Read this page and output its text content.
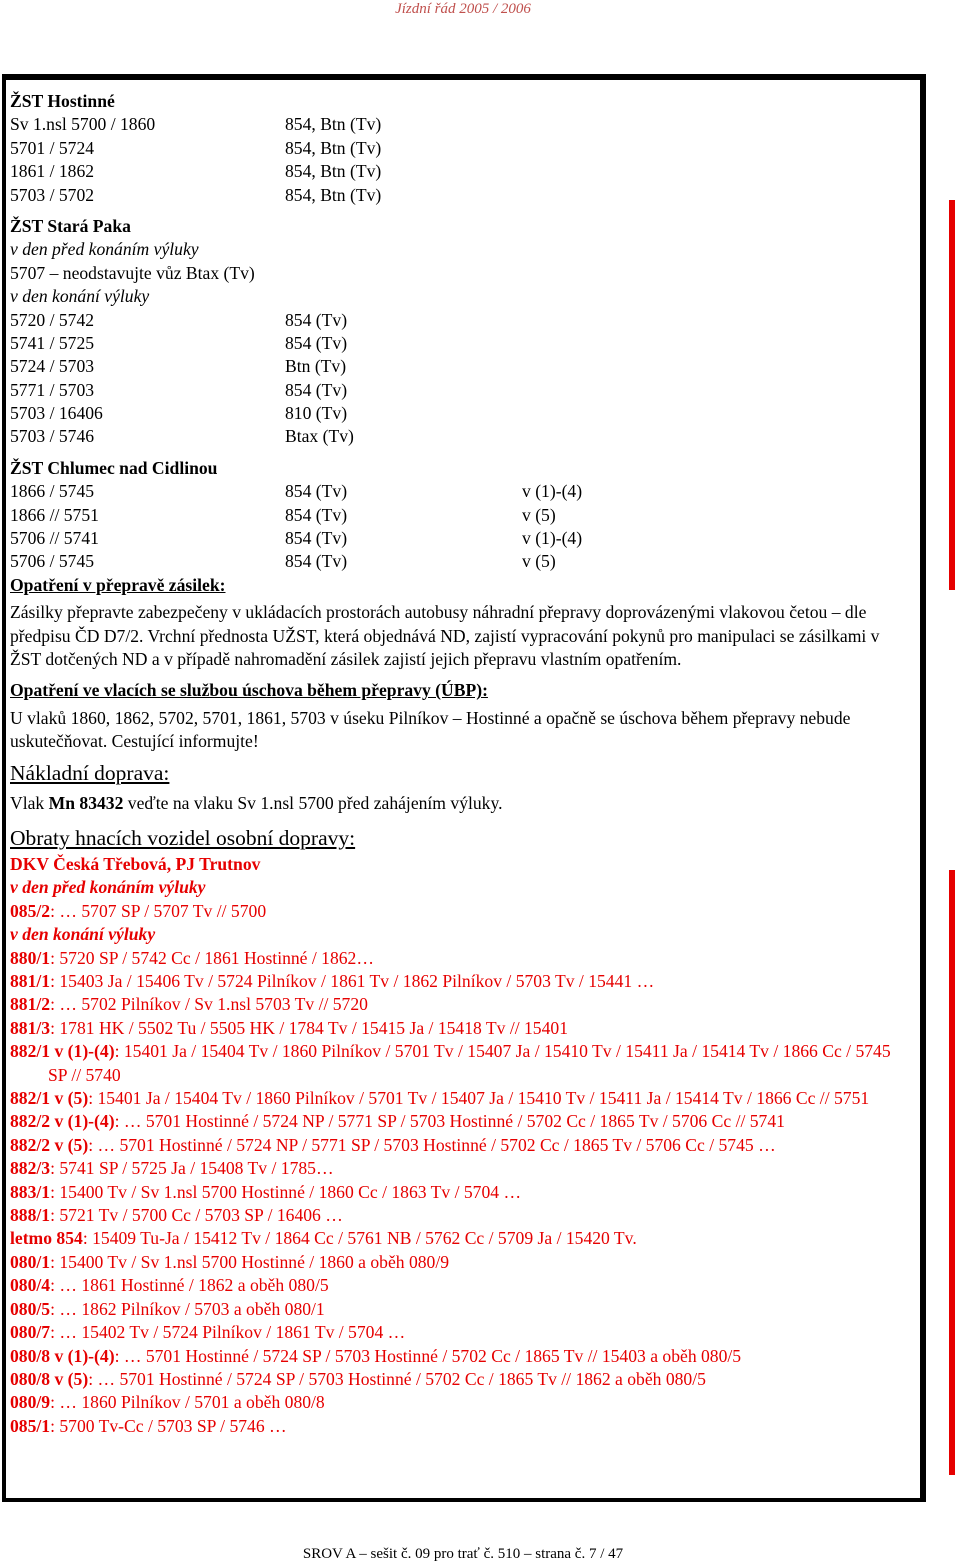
Jízdní řád 2005 / 2006
ŽST Hostinné
Sv 1.nsl 5700 / 1860	854, Btn (Tv)
5701 / 5724	854, Btn (Tv)
1861 / 1862	854, Btn (Tv)
5703 / 5702	854, Btn (Tv)
ŽST Stará Paka
v den před konáním výluky
5707 – neodstavujte vůz Btax (Tv)
v den konání výluky
5720 / 5742	854 (Tv)
5741 / 5725	854 (Tv)
5724 / 5703	Btn (Tv)
5771 / 5703	854 (Tv)
5703 / 16406	810 (Tv)
5703 / 5746	Btax (Tv)
ŽST Chlumec nad Cidlinou
1866 / 5745	854 (Tv)	v (1)-(4)
1866 // 5751	854 (Tv)	v (5)
5706 // 5741	854 (Tv)	v (1)-(4)
5706 / 5745	854 (Tv)	v (5)
Opatření v přepravě zásilek:
Zásilky přepravte zabezpečeny v ukládacích prostorách autobusy náhradní přepravy doprovázenými vlakovou četou – dle předpisu ČD D7/2. Vrchní přednosta UŽST, která objednává ND, zajistí vypracování pokynů pro manipulaci se zásilkami v ŽST dotčených ND a v případě nahromadění zásilek zajistí jejich přepravu vlastním opatřením.
Opatření ve vlacích se službou úschova během přepravy (ÚBP):
U vlaků 1860, 1862, 5702, 5701, 1861, 5703 v úseku Pilníkov – Hostinné a opačně se úschova během přepravy nebude uskutečňovat. Cestující informujte!
Nákladní doprava:
Vlak Mn 83432 veďte na vlaku Sv 1.nsl 5700 před zahájením výluky.
Obraty hnacích vozidel osobní dopravy:
DKV Česká Třebová, PJ Trutnov
v den před konáním výluky
085/2: … 5707 SP / 5707 Tv // 5700
v den konání výluky
880/1: 5720 SP / 5742 Cc / 1861 Hostinné / 1862…
881/1: 15403 Ja / 15406 Tv / 5724 Pilníkov / 1861 Tv / 1862 Pilníkov / 5703 Tv / 15441 …
881/2: … 5702 Pilníkov / Sv 1.nsl 5703 Tv // 5720
881/3: 1781 HK / 5502 Tu / 5505 HK / 1784 Tv / 15415 Ja / 15418 Tv // 15401
882/1 v (1)-(4): 15401 Ja / 15404 Tv / 1860 Pilníkov / 5701 Tv / 15407 Ja / 15410 Tv / 15411 Ja / 15414 Tv / 1866 Cc / 5745 SP // 5740
882/1 v (5): 15401 Ja / 15404 Tv / 1860 Pilníkov / 5701 Tv / 15407 Ja / 15410 Tv / 15411 Ja / 15414 Tv / 1866 Cc // 5751
882/2 v (1)-(4): … 5701 Hostinné / 5724 NP / 5771 SP / 5703 Hostinné / 5702 Cc / 1865 Tv / 5706 Cc // 5741
882/2 v (5): … 5701 Hostinné / 5724 NP / 5771 SP / 5703 Hostinné / 5702 Cc / 1865 Tv / 5706 Cc / 5745 …
882/3: 5741 SP / 5725 Ja / 15408 Tv / 1785…
883/1: 15400 Tv / Sv 1.nsl 5700 Hostinné / 1860 Cc / 1863 Tv / 5704 …
888/1: 5721 Tv / 5700 Cc / 5703 SP / 16406 …
letmo 854: 15409 Tu-Ja / 15412 Tv / 1864 Cc / 5761 NB / 5762 Cc / 5709 Ja / 15420 Tv.
080/1: 15400 Tv / Sv 1.nsl 5700 Hostinné / 1860 a oběh 080/9
080/4: … 1861 Hostinné / 1862 a oběh 080/5
080/5: … 1862 Pilníkov / 5703 a oběh 080/1
080/7: … 15402 Tv / 5724 Pilníkov / 1861 Tv / 5704 …
080/8 v (1)-(4): … 5701 Hostinné / 5724 SP / 5703 Hostinné / 5702 Cc / 1865 Tv // 15403 a oběh 080/5
080/8 v (5): … 5701 Hostinné / 5724 SP / 5703 Hostinné / 5702 Cc / 1865 Tv // 1862 a oběh 080/5
080/9: … 1860 Pilníkov / 5701 a oběh 080/8
085/1: 5700 Tv-Cc / 5703 SP / 5746 …
SROV A – sešit č. 09 pro trať č. 510 – strana č. 7 / 47
